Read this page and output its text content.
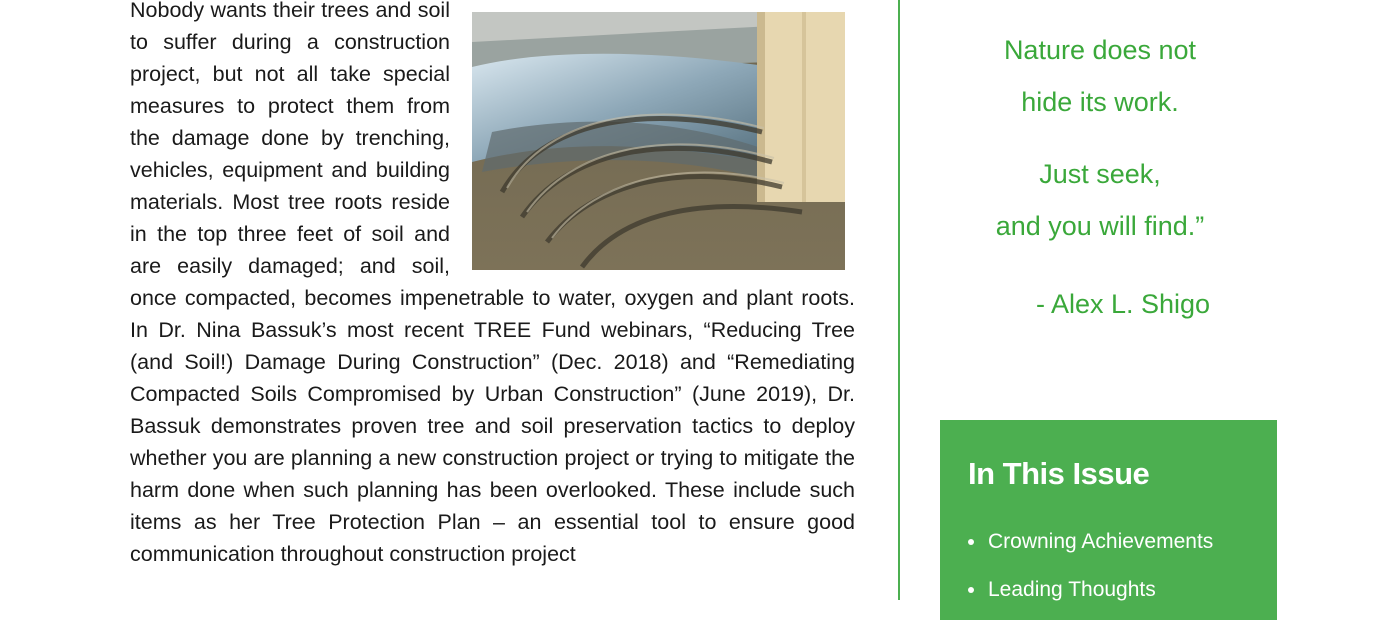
Nobody wants their trees and soil to suffer during a construction project, but not all take special measures to protect them from the damage done by trenching, vehicles, equipment and building materials. Most tree roots reside in the top three feet of soil and are easily damaged; and soil, once compacted, becomes impenetrable to water, oxygen and plant roots. In Dr. Nina Bassuk’s most recent TREE Fund webinars, “Reducing Tree (and Soil!) Damage During Construction” (Dec. 2018) and “Remediating Compacted Soils Compromised by Urban Construction” (June 2019), Dr. Bassuk demonstrates proven tree and soil preservation tactics to deploy whether you are planning a new construction project or trying to mitigate the harm done when such planning has been overlooked. These include such items as her Tree Protection Plan – an essential tool to ensure good communication throughout construction project

Nature does not
hide its work.
Just seek,
and you will find.”
- Alex L. Shigo
In This Issue
Crowning Achievements
Leading Thoughts
